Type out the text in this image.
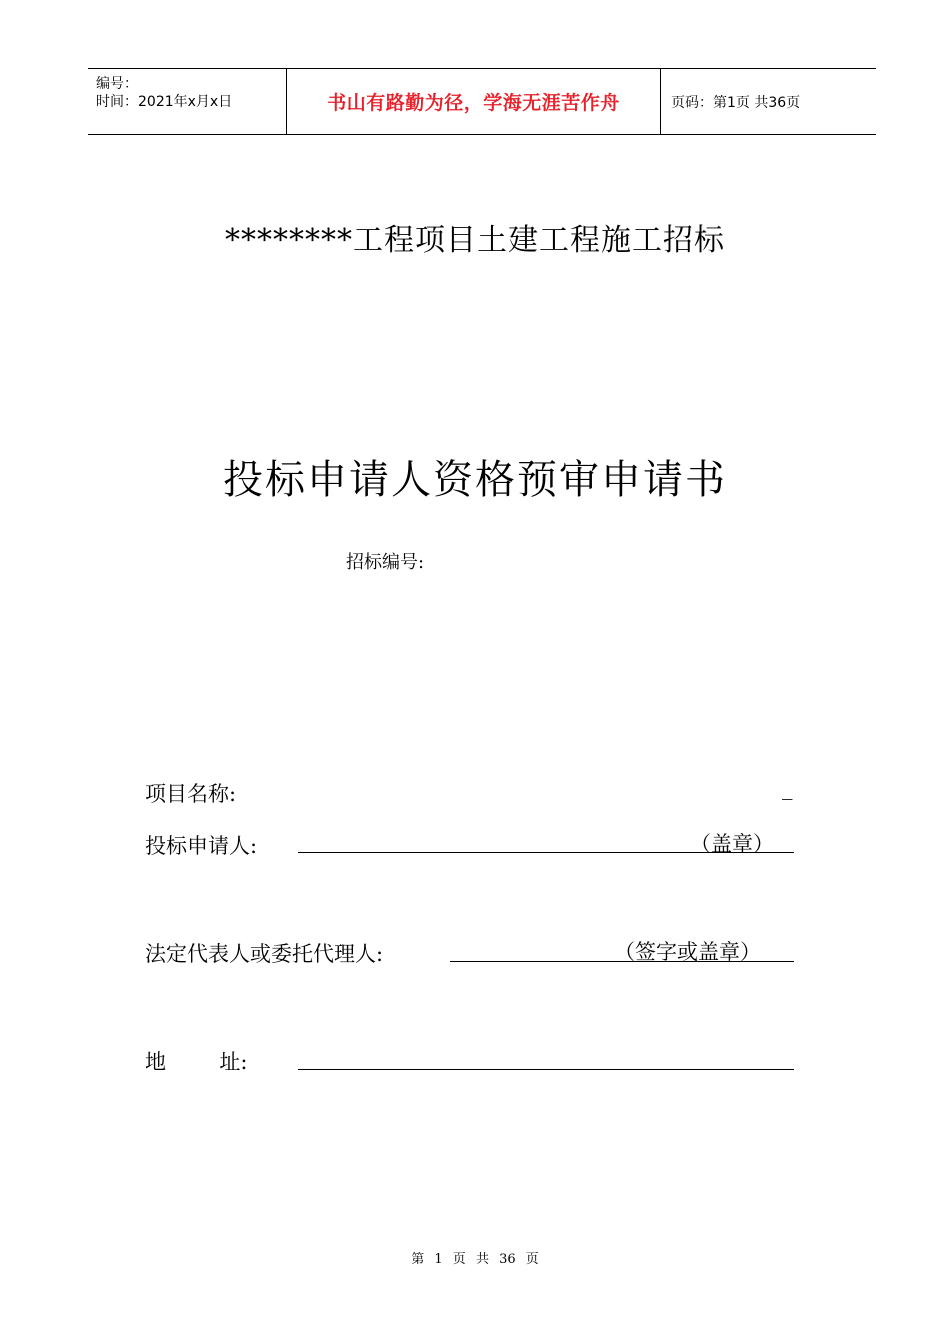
编号：
时间：2021年x月x日	书山有路勤为径，学海无涯苦作舟	页码：第1页 共36页
********工程项目土建工程施工招标
投标申请人资格预审申请书
招标编号:
项目名称:	_
投标申请人:	（盖章）
法定代表人或委托代理人:	（签字或盖章）
地        址:
第 1 页 共 36 页
